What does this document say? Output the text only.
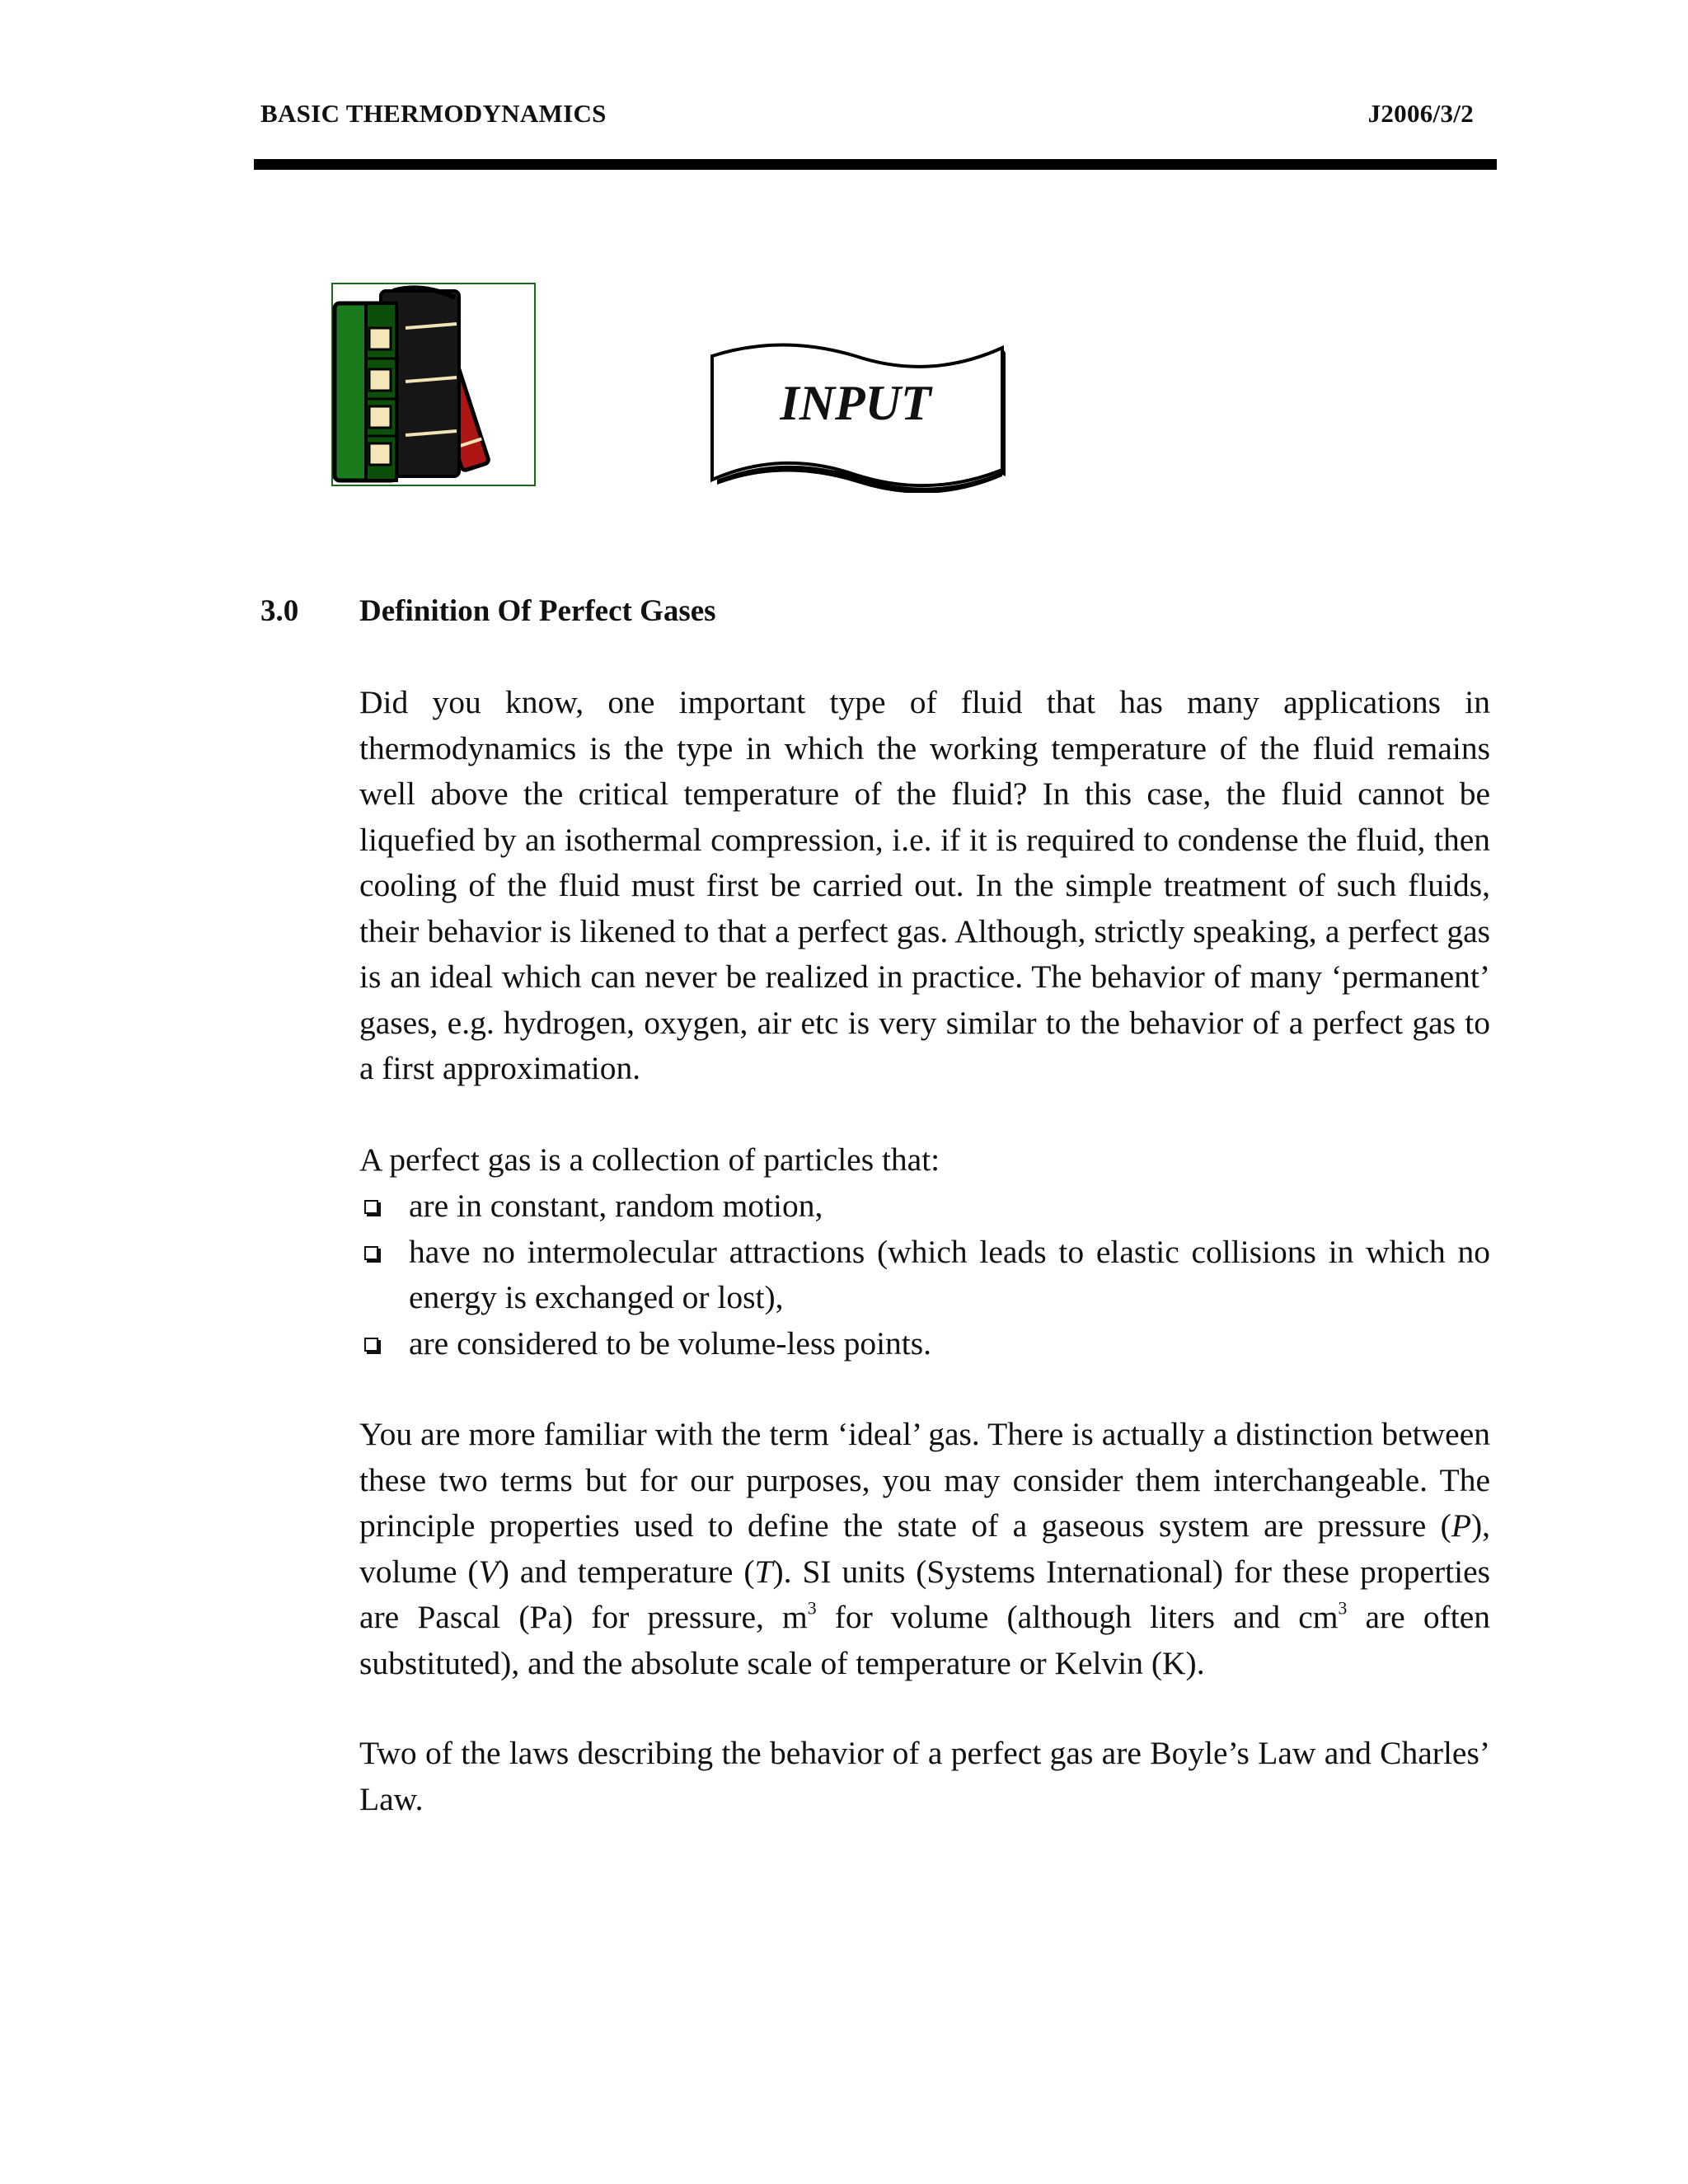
BASIC THERMODYNAMICS	J2006/3/2
INPUT
3.0 Definition Of Perfect Gases

Did you know, one important type of fluid that has many applications in thermodynamics is the type in which the working temperature of the fluid remains well above the critical temperature of the fluid? In this case, the fluid cannot be liquefied by an isothermal compression, i.e. if it is required to condense the fluid, then cooling of the fluid must first be carried out. In the simple treatment of such fluids, their behavior is likened to that a perfect gas. Although, strictly speaking, a perfect gas is an ideal which can never be realized in practice. The behavior of many ‘permanent’ gases, e.g. hydrogen, oxygen, air etc is very similar to the behavior of a perfect gas to a first approximation.

A perfect gas is a collection of particles that:

are in constant, random motion,
have no intermolecular attractions (which leads to elastic collisions in which no energy is exchanged or lost),
are considered to be volume-less points.

You are more familiar with the term ‘ideal’ gas. There is actually a distinction between these two terms but for our purposes, you may consider them interchangeable. The principle properties used to define the state of a gaseous system are pressure (P), volume (V) and temperature (T). SI units (Systems International) for these properties are Pascal (Pa) for pressure, $m^3$ for volume (although liters and $cm^3$ are often substituted), and the absolute scale of temperature or Kelvin (K).

Two of the laws describing the behavior of a perfect gas are Boyle’s Law and Charles’ Law.
